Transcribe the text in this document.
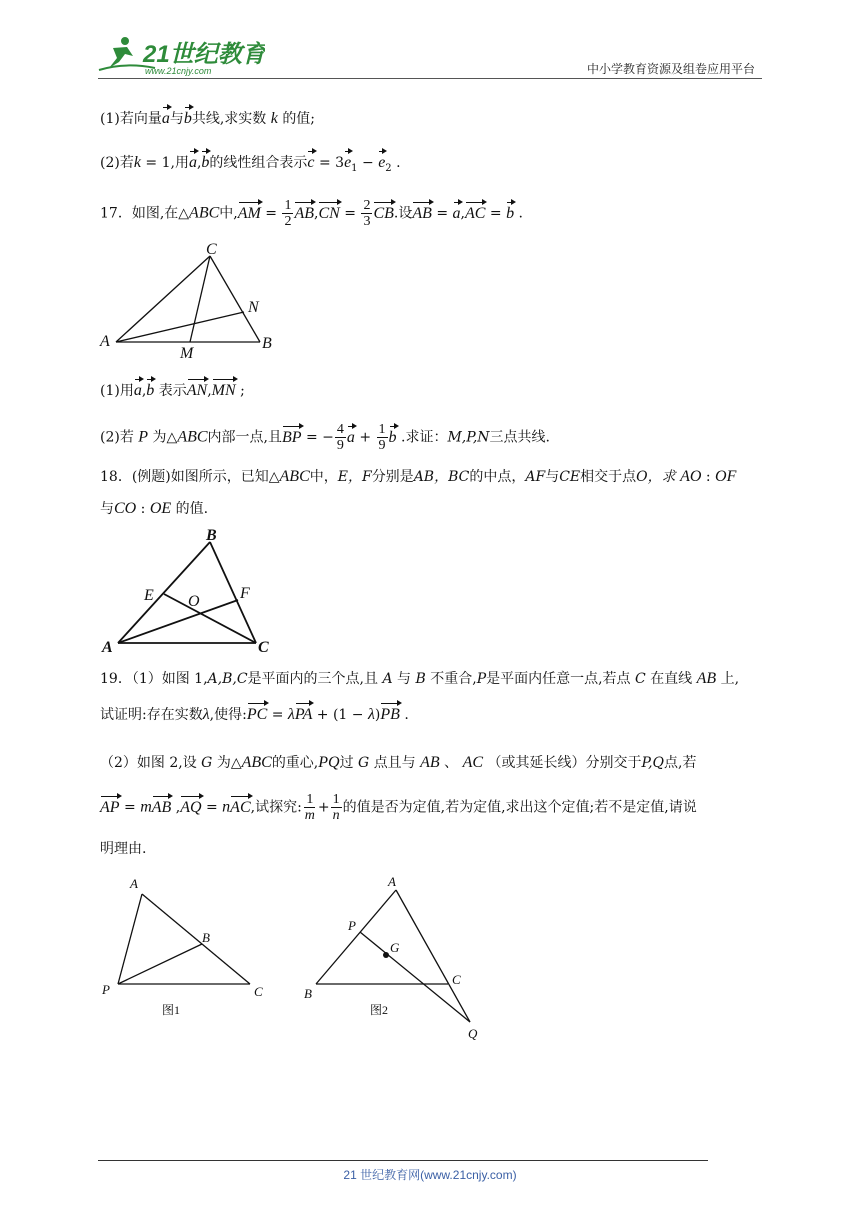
21世纪教育
www.21cnjy.com	中小学教育资源及组卷应用平台
(1)若向量a与b共线,求实数 k 的值;
(2)若k = 1,用a,b的线性组合表示$c = 3e_1 - e_2$ .
17．如图,在△ABC中$,AM = \frac{1}{2} AB,CN = \frac{2}{3}$ CB.设AB = a,AC = b .
C
N
A
M
B
(1)用a,b 表示AN,MN ;
(2)若 P 为△ABC内部一点,且BP = − $\frac{4}{9}$ $a + \frac{1}{9}$ b .求证：M,P,N三点共线.
18．(例题)如图所示，已知△ABC中，E，F分别是AB，BC的中点，AF与CE相交于点O，求 AO : OF
与CO : OE 的值.
B
E O	F
A	C
19．（1）如图 1,A,B,C是平面内的三个点,且 A 与 B 不重合,P是平面内任意一点,若点 C 在直线 AB 上,
试证明:存在实数λ,使得:PC = λPA + (1 − λ)PB .
（2）如图 2,设 G 为△ABC的重心,PQ过 G 点且与 AB 、 AC （或其延长线）分别交于P,Q点,若
AP = mAB ,AQ = nAC,试探究: $\frac{1}{m} + \frac{1}{n}$ 的值是否为定值,若为定值,求出这个定值;若不是定值,请说
明理由.
A
B
P	C
图1
A
P
G
C
B
Q
图2
21 世纪教育网(www.21cnjy.com)
